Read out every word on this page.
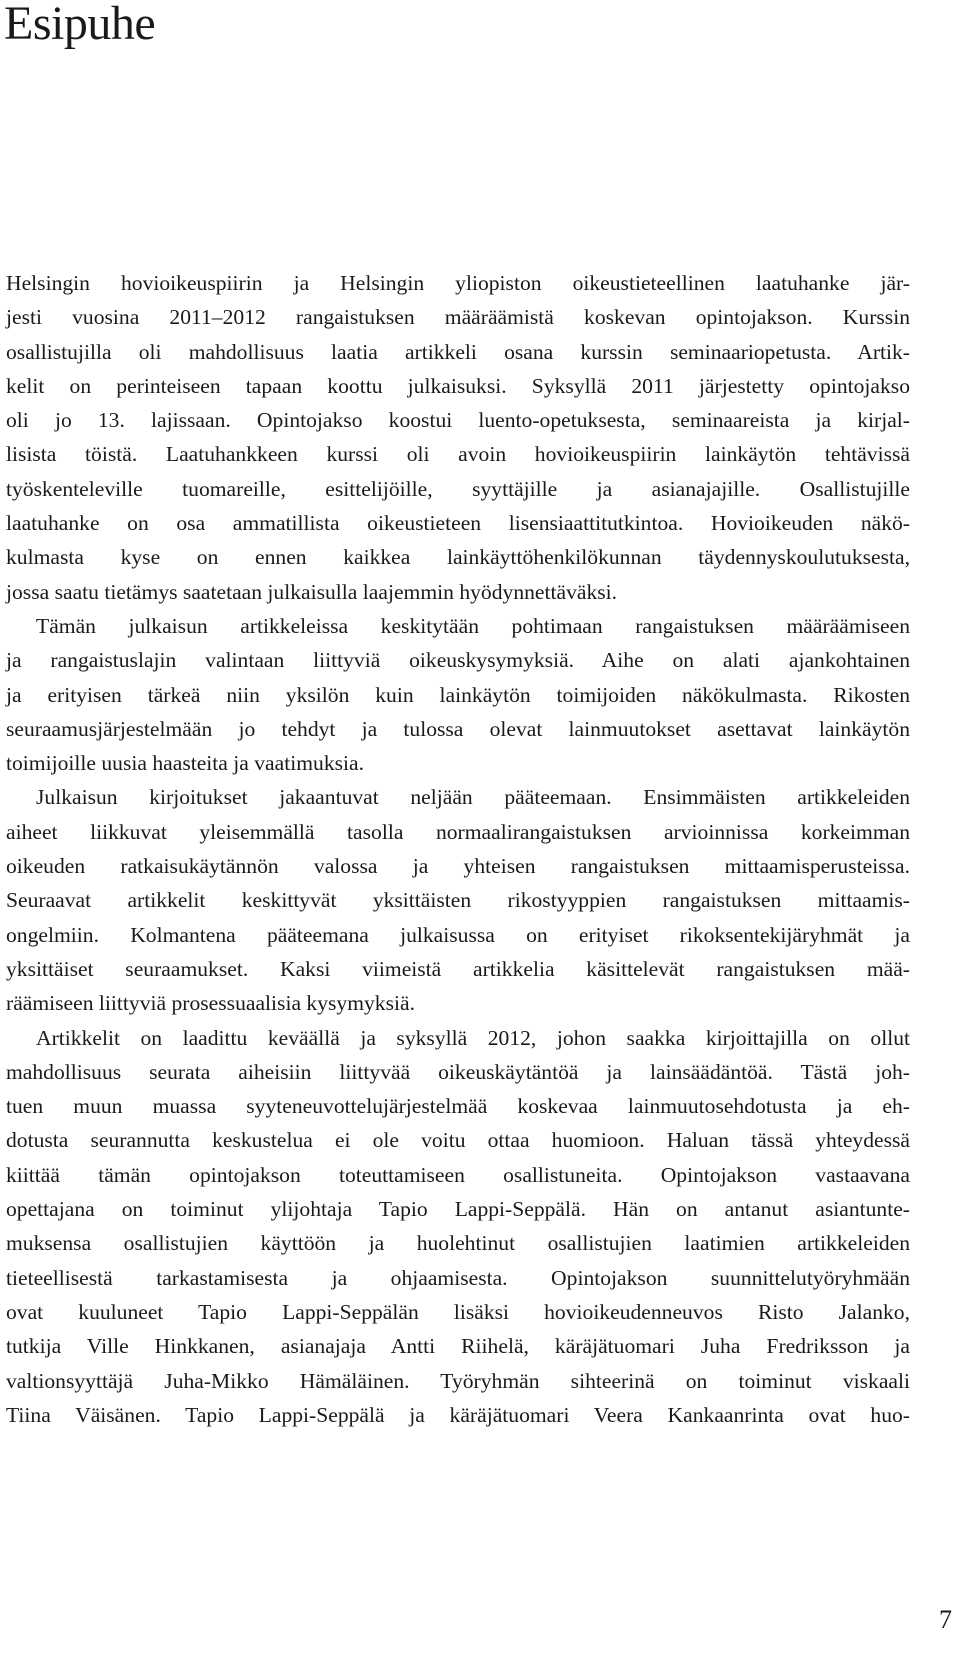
Esipuhe
Helsingin hovioikeuspiirin ja Helsingin yliopiston oikeustieteellinen laatuhanke jär-
jesti vuosina 2011–2012 rangaistuksen määräämistä koskevan opintojakson. Kurssin
osallistujilla oli mahdollisuus laatia artikkeli osana kurssin seminaariopetusta. Artik-
kelit on perinteiseen tapaan koottu julkaisuksi. Syksyllä 2011 järjestetty opintojakso
oli jo 13. lajissaan. Opintojakso koostui luento-opetuksesta, seminaareista ja kirjal-
lisista töistä. Laatuhankkeen kurssi oli avoin hovioikeuspiirin lainkäytön tehtävissä
työskenteleville tuomareille, esittelijöille, syyttäjille ja asianajajille. Osallistujille
laatuhanke on osa ammatillista oikeustieteen lisensiaattitutkintoa. Hovioikeuden näkö-
kulmasta kyse on ennen kaikkea lainkäyttöhenkilökunnan täydennyskoulutuksesta,
jossa saatu tietämys saatetaan julkaisulla laajemmin hyödynnettäväksi.
Tämän julkaisun artikkeleissa keskitytään pohtimaan rangaistuksen määräämiseen
ja rangaistuslajin valintaan liittyviä oikeuskysymyksiä. Aihe on alati ajankohtainen
ja erityisen tärkeä niin yksilön kuin lainkäytön toimijoiden näkökulmasta. Rikosten
seuraamusjärjestelmään jo tehdyt ja tulossa olevat lainmuutokset asettavat lainkäytön
toimijoille uusia haasteita ja vaatimuksia.
Julkaisun kirjoitukset jakaantuvat neljään pääteemaan. Ensimmäisten artikkeleiden
aiheet liikkuvat yleisemmällä tasolla normaalirangaistuksen arvioinnissa korkeimman
oikeuden ratkaisukäytännön valossa ja yhteisen rangaistuksen mittaamisperusteissa.
Seuraavat artikkelit keskittyvät yksittäisten rikostyyppien rangaistuksen mittaamis-
ongelmiin. Kolmantena pääteemana julkaisussa on erityiset rikoksentekijäryhmät ja
yksittäiset seuraamukset. Kaksi viimeistä artikkelia käsittelevät rangaistuksen mää-
räämiseen liittyviä prosessuaalisia kysymyksiä.
Artikkelit on laadittu keväällä ja syksyllä 2012, johon saakka kirjoittajilla on ollut
mahdollisuus seurata aiheisiin liittyvää oikeuskäytäntöä ja lainsäädäntöä. Tästä joh-
tuen muun muassa syyteneuvottelujärjestelmää koskevaa lainmuutosehdotusta ja eh-
dotusta seurannutta keskustelua ei ole voitu ottaa huomioon. Haluan tässä yhteydessä
kiittää tämän opintojakson toteuttamiseen osallistuneita. Opintojakson vastaavana
opettajana on toiminut ylijohtaja Tapio Lappi-Seppälä. Hän on antanut asiantunte-
muksensa osallistujien käyttöön ja huolehtinut osallistujien laatimien artikkeleiden
tieteellisestä tarkastamisesta ja ohjaamisesta. Opintojakson suunnittelutyöryhmään
ovat kuuluneet Tapio Lappi-Seppälän lisäksi hovioikeudenneuvos Risto Jalanko,
tutkija Ville Hinkkanen, asianajaja Antti Riihelä, käräjätuomari Juha Fredriksson ja
valtionsyyttäjä Juha-Mikko Hämäläinen. Työryhmän sihteerinä on toiminut viskaali
Tiina Väisänen. Tapio Lappi-Seppälä ja käräjätuomari Veera Kankaanrinta ovat huo-
7
